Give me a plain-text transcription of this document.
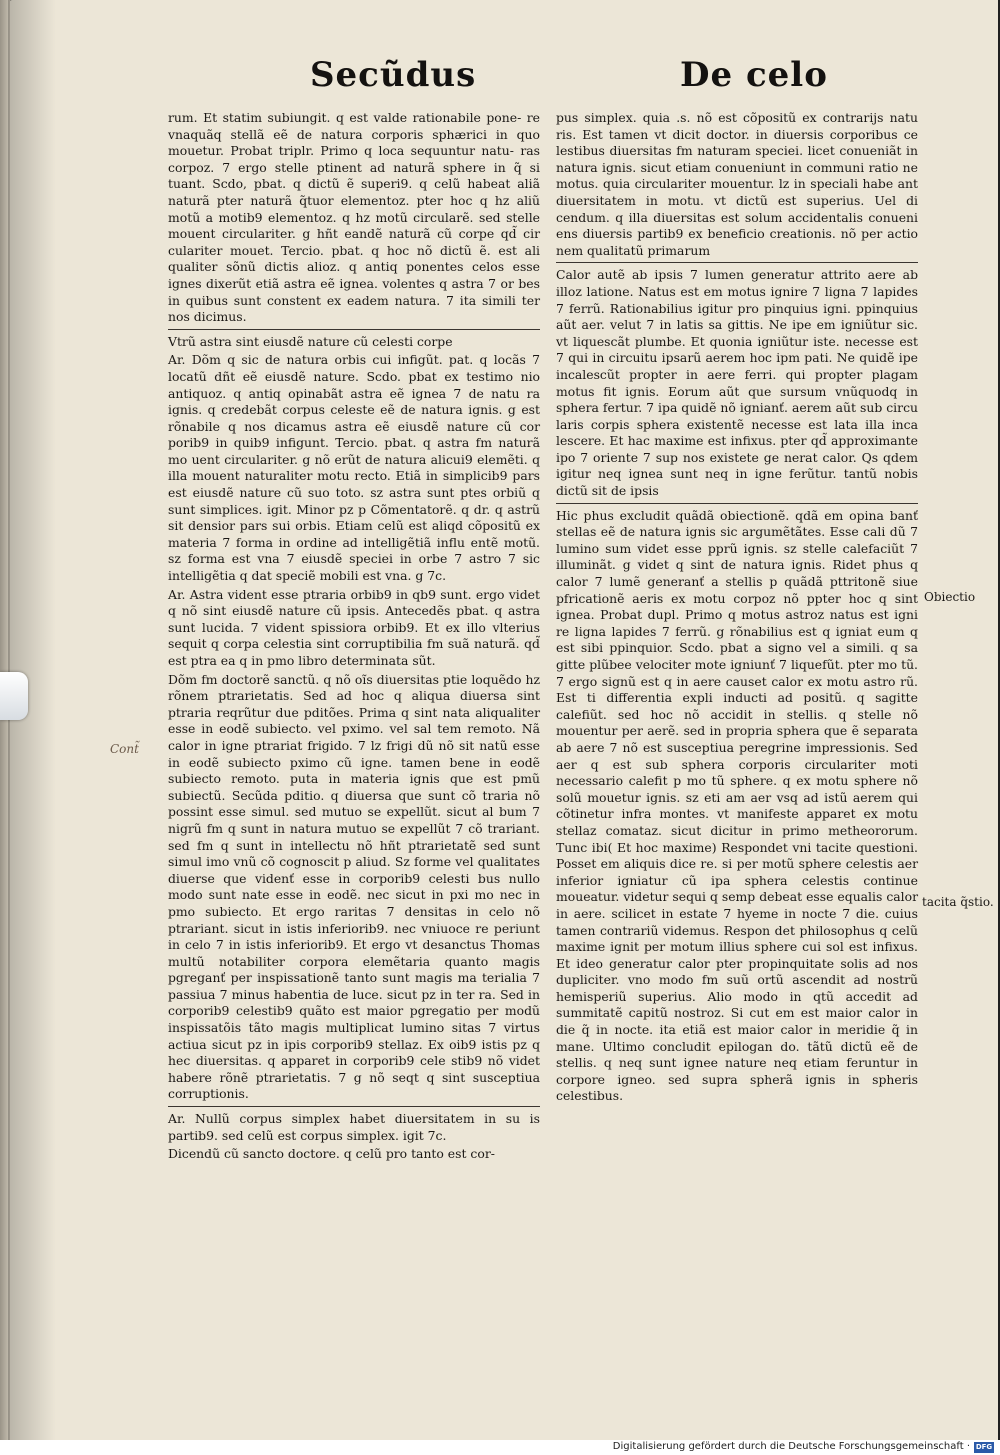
Secũdus	De celo

rum. Et statim subiungit. q est valde rationabile pone- re vnaquãq stellã eẽ de natura corporis sphærici in quo mouetur. Probat triplr. Primo q loca sequuntur natu- ras corpoz. 7 ergo stelle ptinent ad naturã sphere in q̃ si tuant. Scdo, pbat. q dictũ ẽ superi9. q celũ habeat aliã naturã pter naturã q̃tuor elementoz. pter hoc q hz aliũ motũ a motib9 elementoz. q hz motũ circularẽ. sed stelle mouent circulariter. g hñt eandẽ naturã cũ corpe qd̃ cir culariter mouet. Tercio. pbat. q hoc nõ dictũ ẽ. est ali qualiter sõnũ dictis alioz. q antiq ponentes celos esse ignes dixerũt etiã astra eẽ ignea. volentes q astra 7 or bes in quibus sunt constent ex eadem natura. 7 ita simili ter nos dicimus.

Vtrũ astra sint eiusdẽ nature cũ celesti corpe

Ar. Dõm q sic de natura orbis cui infigũt. pat. q locãs 7 locatũ dñt eẽ eiusdẽ nature. Scdo. pbat ex testimo nio antiquoz. q antiq opinabãt astra eẽ ignea 7 de natu ra ignis. q credebãt corpus celeste eẽ de natura ignis. g est rõnabile q nos dicamus astra eẽ eiusdẽ nature cũ cor porib9 in quib9 infigunt. Tercio. pbat. q astra fm naturã mo uent circulariter. g nõ erũt de natura alicui9 elemẽti. q illa mouent naturaliter motu recto. Etiã in simplicib9 pars est eiusdẽ nature cũ suo toto. sz astra sunt ptes orbiũ q sunt simplices. igit. Minor pz p Cõmentatorẽ. q dr. q astrũ sit densior pars sui orbis. Etiam celũ est aliqd cõpositũ ex materia 7 forma in ordine ad intelligẽtiã influ entẽ motũ. sz forma est vna 7 eiusdẽ speciei in orbe 7 astro 7 sic intelligẽtia q dat speciẽ mobili est vna. g 7c.

Ar. Astra vident esse ptraria orbib9 in qb9 sunt. ergo videt q nõ sint eiusdẽ nature cũ ipsis. Antecedẽs pbat. q astra sunt lucida. 7 vident spissiora orbib9. Et ex illo vlterius sequit q corpa celestia sint corruptibilia fm suã naturã. qd̃ est ptra ea q in pmo libro determinata sũt.

Dõm fm doctorẽ sanctũ. q nõ oĩs diuersitas ptie loquẽdo hz rõnem ptrarietatis. Sed ad hoc q aliqua diuersa sint ptraria reqrũtur due pditões. Prima q sint nata aliqualiter esse in eodẽ subiecto. vel pximo. vel sal tem remoto. Nã calor in igne ptrariat frigido. 7 lz frigi dũ nõ sit natũ esse in eodẽ subiecto pximo cũ igne. tamen bene in eodẽ subiecto remoto. puta in materia ignis que est pmũ subiectũ. Secũda pditio. q diuersa que sunt cõ traria nõ possint esse simul. sed mutuo se expellũt. sicut al bum 7 nigrũ fm q sunt in natura mutuo se expellũt 7 cõ trariant. sed fm q sunt in intellectu nõ hñt ptrarietatẽ sed sunt simul imo vnũ cõ cognoscit p aliud. Sz forme vel qualitates diuerse que videnť esse in corporib9 celesti bus nullo modo sunt nate esse in eodẽ. nec sicut in pxi mo nec in pmo subiecto. Et ergo raritas 7 densitas in celo nõ ptrariant. sicut in istis inferiorib9. nec vniuoce re periunt in celo 7 in istis inferiorib9. Et ergo vt desanctus Thomas multũ notabiliter corpora elemẽtaria quanto magis pgreganť per inspissationẽ tanto sunt magis ma terialia 7 passiua 7 minus habentia de luce. sicut pz in ter ra. Sed in corporib9 celestib9 quãto est maior pgregatio per modũ inspissatõis tãto magis multiplicat lumino sitas 7 virtus actiua sicut pz in ipis corporib9 stellaz. Ex oib9 istis pz q hec diuersitas. q apparet in corporib9 cele stib9 nõ videt habere rõnẽ ptrarietatis. 7 g nõ seqt q sint susceptiua corruptionis.

Ar. Nullũ corpus simplex habet diuersitatem in su is partib9. sed celũ est corpus simplex. igit 7c.

Dicendũ cũ sancto doctore. q celũ pro tanto est cor-

pus simplex. quia .s. nõ est cõpositũ ex contrarijs natu ris. Est tamen vt dicit doctor. in diuersis corporibus ce lestibus diuersitas fm naturam speciei. licet conueniãt in natura ignis. sicut etiam conueniunt in communi ratio ne motus. quia circulariter mouentur. lz in speciali habe ant diuersitatem in motu. vt dictũ est superius. Uel di cendum. q illa diuersitas est solum accidentalis conueni ens diuersis partib9 ex beneficio creationis. nõ per actio nem qualitatũ primarum

Calor autẽ ab ipsis 7 lumen generatur attrito aere ab illoz latione. Natus est em motus ignire 7 ligna 7 lapides 7 ferrũ. Rationabilius igitur pro pinquius igni. ppinquius aũt aer. velut 7 in latis sa gittis. Ne ipe em igniũtur sic. vt liquescãt plumbe. Et quonia igniũtur iste. necesse est 7 qui in circuitu ipsarũ aerem hoc ipm pati. Ne quidẽ ipe incalescũt propter in aere ferri. qui propter plagam motus fit ignis. Eorum aũt que sursum vnũquodq in sphera fertur. 7 ipa quidẽ nõ ignianť. aerem aũt sub circu laris corpis sphera existentẽ necesse est lata illa inca lescere. Et hac maxime est infixus. pter qd̃ approximante ipo 7 oriente 7 sup nos existete ge nerat calor. Qs qdem igitur neq ignea sunt neq in igne ferũtur. tantũ nobis dictũ sit de ipsis

Hic phus excludit quãdã obiectionẽ. qdã em opina banť stellas eẽ de natura ignis sic argumẽtãtes. Esse cali dũ 7 lumino sum videt esse pprũ ignis. sz stelle calefaciũt 7 illuminãt. g videt q sint de natura ignis. Ridet phus q calor 7 lumẽ generanť a stellis p quãdã pttritonẽ siue pfricationẽ aeris ex motu corpoz nõ ppter hoc q sint ignea. Probat dupl. Primo q motus astroz natus est igni re ligna lapides 7 ferrũ. g rõnabilius est q igniat eum q est sibi ppinquior. Scdo. pbat a signo vel a simili. q sa gitte plũbee velociter mote igniunť 7 liquefũt. pter mo tũ. 7 ergo signũ est q in aere causet calor ex motu astro rũ. Est ti differentia expli inducti ad positũ. q sagitte calefiũt. sed hoc nõ accidit in stellis. q stelle nõ mouentur per aerẽ. sed in propria sphera que ẽ separata ab aere 7 nõ est susceptiua peregrine impressionis. Sed aer q est sub sphera corporis circulariter moti necessario calefit p mo tũ sphere. q ex motu sphere nõ solũ mouetur ignis. sz eti am aer vsq ad istũ aerem qui cõtinetur infra montes. vt manifeste apparet ex motu stellaz comataz. sicut dicitur in primo metheororum. Tunc ibi( Et hoc maxime) Respondet vni tacite questioni. Posset em aliquis dice re. si per motũ sphere celestis aer inferior igniatur cũ ipa sphera celestis continue moueatur. videtur sequi q semp debeat esse equalis calor in aere. scilicet in estate 7 hyeme in nocte 7 die. cuius tamen contrariũ videmus. Respon det philosophus q celũ maxime ignit per motum illius sphere cui sol est infixus. Et ideo generatur calor pter propinquitate solis ad nos dupliciter. vno modo fm suũ ortũ ascendit ad nostrũ hemisperiũ superius. Alio modo in qtũ accedit ad summitatẽ capitũ nostroz. Si cut em est maior calor in die q̃ in nocte. ita etiã est maior calor in meridie q̃ in mane. Ultimo concludit epilogan do. tãtũ dictũ eẽ de stellis. q neq sunt ignee nature neq etiam feruntur in corpore igneo. sed supra spherã ignis in spheris celestibus.

Obiectio
tacita q̃stio.
Cont̃
Digitalisierung gefördert durch die Deutsche Forschungsgemeinschaft · DFG
